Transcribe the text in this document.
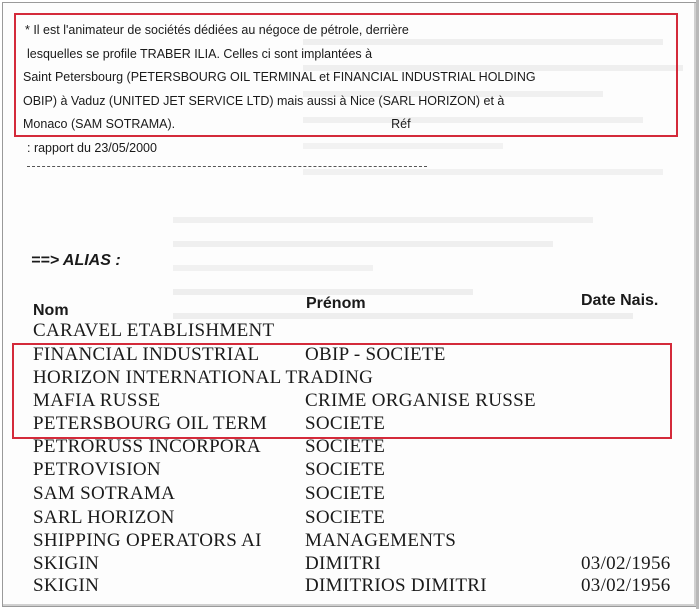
* Il est l'animateur de sociétés dédiées au négoce de pétrole, derrière
lesquelles se profile TRABER ILIA. Celles ci sont implantées à
Saint Petersbourg (PETERSBOURG OIL TERMINAL et FINANCIAL INDUSTRIAL HOLDING
OBIP) à Vaduz (UNITED JET SERVICE LTD) mais aussi à Nice (SARL HORIZON) et à
Monaco (SAM SOTRAMA).	Réf
: rapport du 23/05/2000
==> ALIAS :
Nom	Prénom	Date Nais.
CARAVEL ETABLISHMENT
FINANCIAL INDUSTRIAL	OBIP - SOCIETE
HORIZON INTERNATIONAL TRADING
MAFIA RUSSE	CRIME ORGANISE RUSSE
PETERSBOURG OIL TERM	SOCIETE
PETRORUSS INCORPORA	SOCIETE
PETROVISION	SOCIETE
SAM SOTRAMA	SOCIETE
SARL HORIZON	SOCIETE
SHIPPING OPERATORS AI	MANAGEMENTS
SKIGIN	DIMITRI	03/02/1956
SKIGIN	DIMITRIOS DIMITRI	03/02/1956
